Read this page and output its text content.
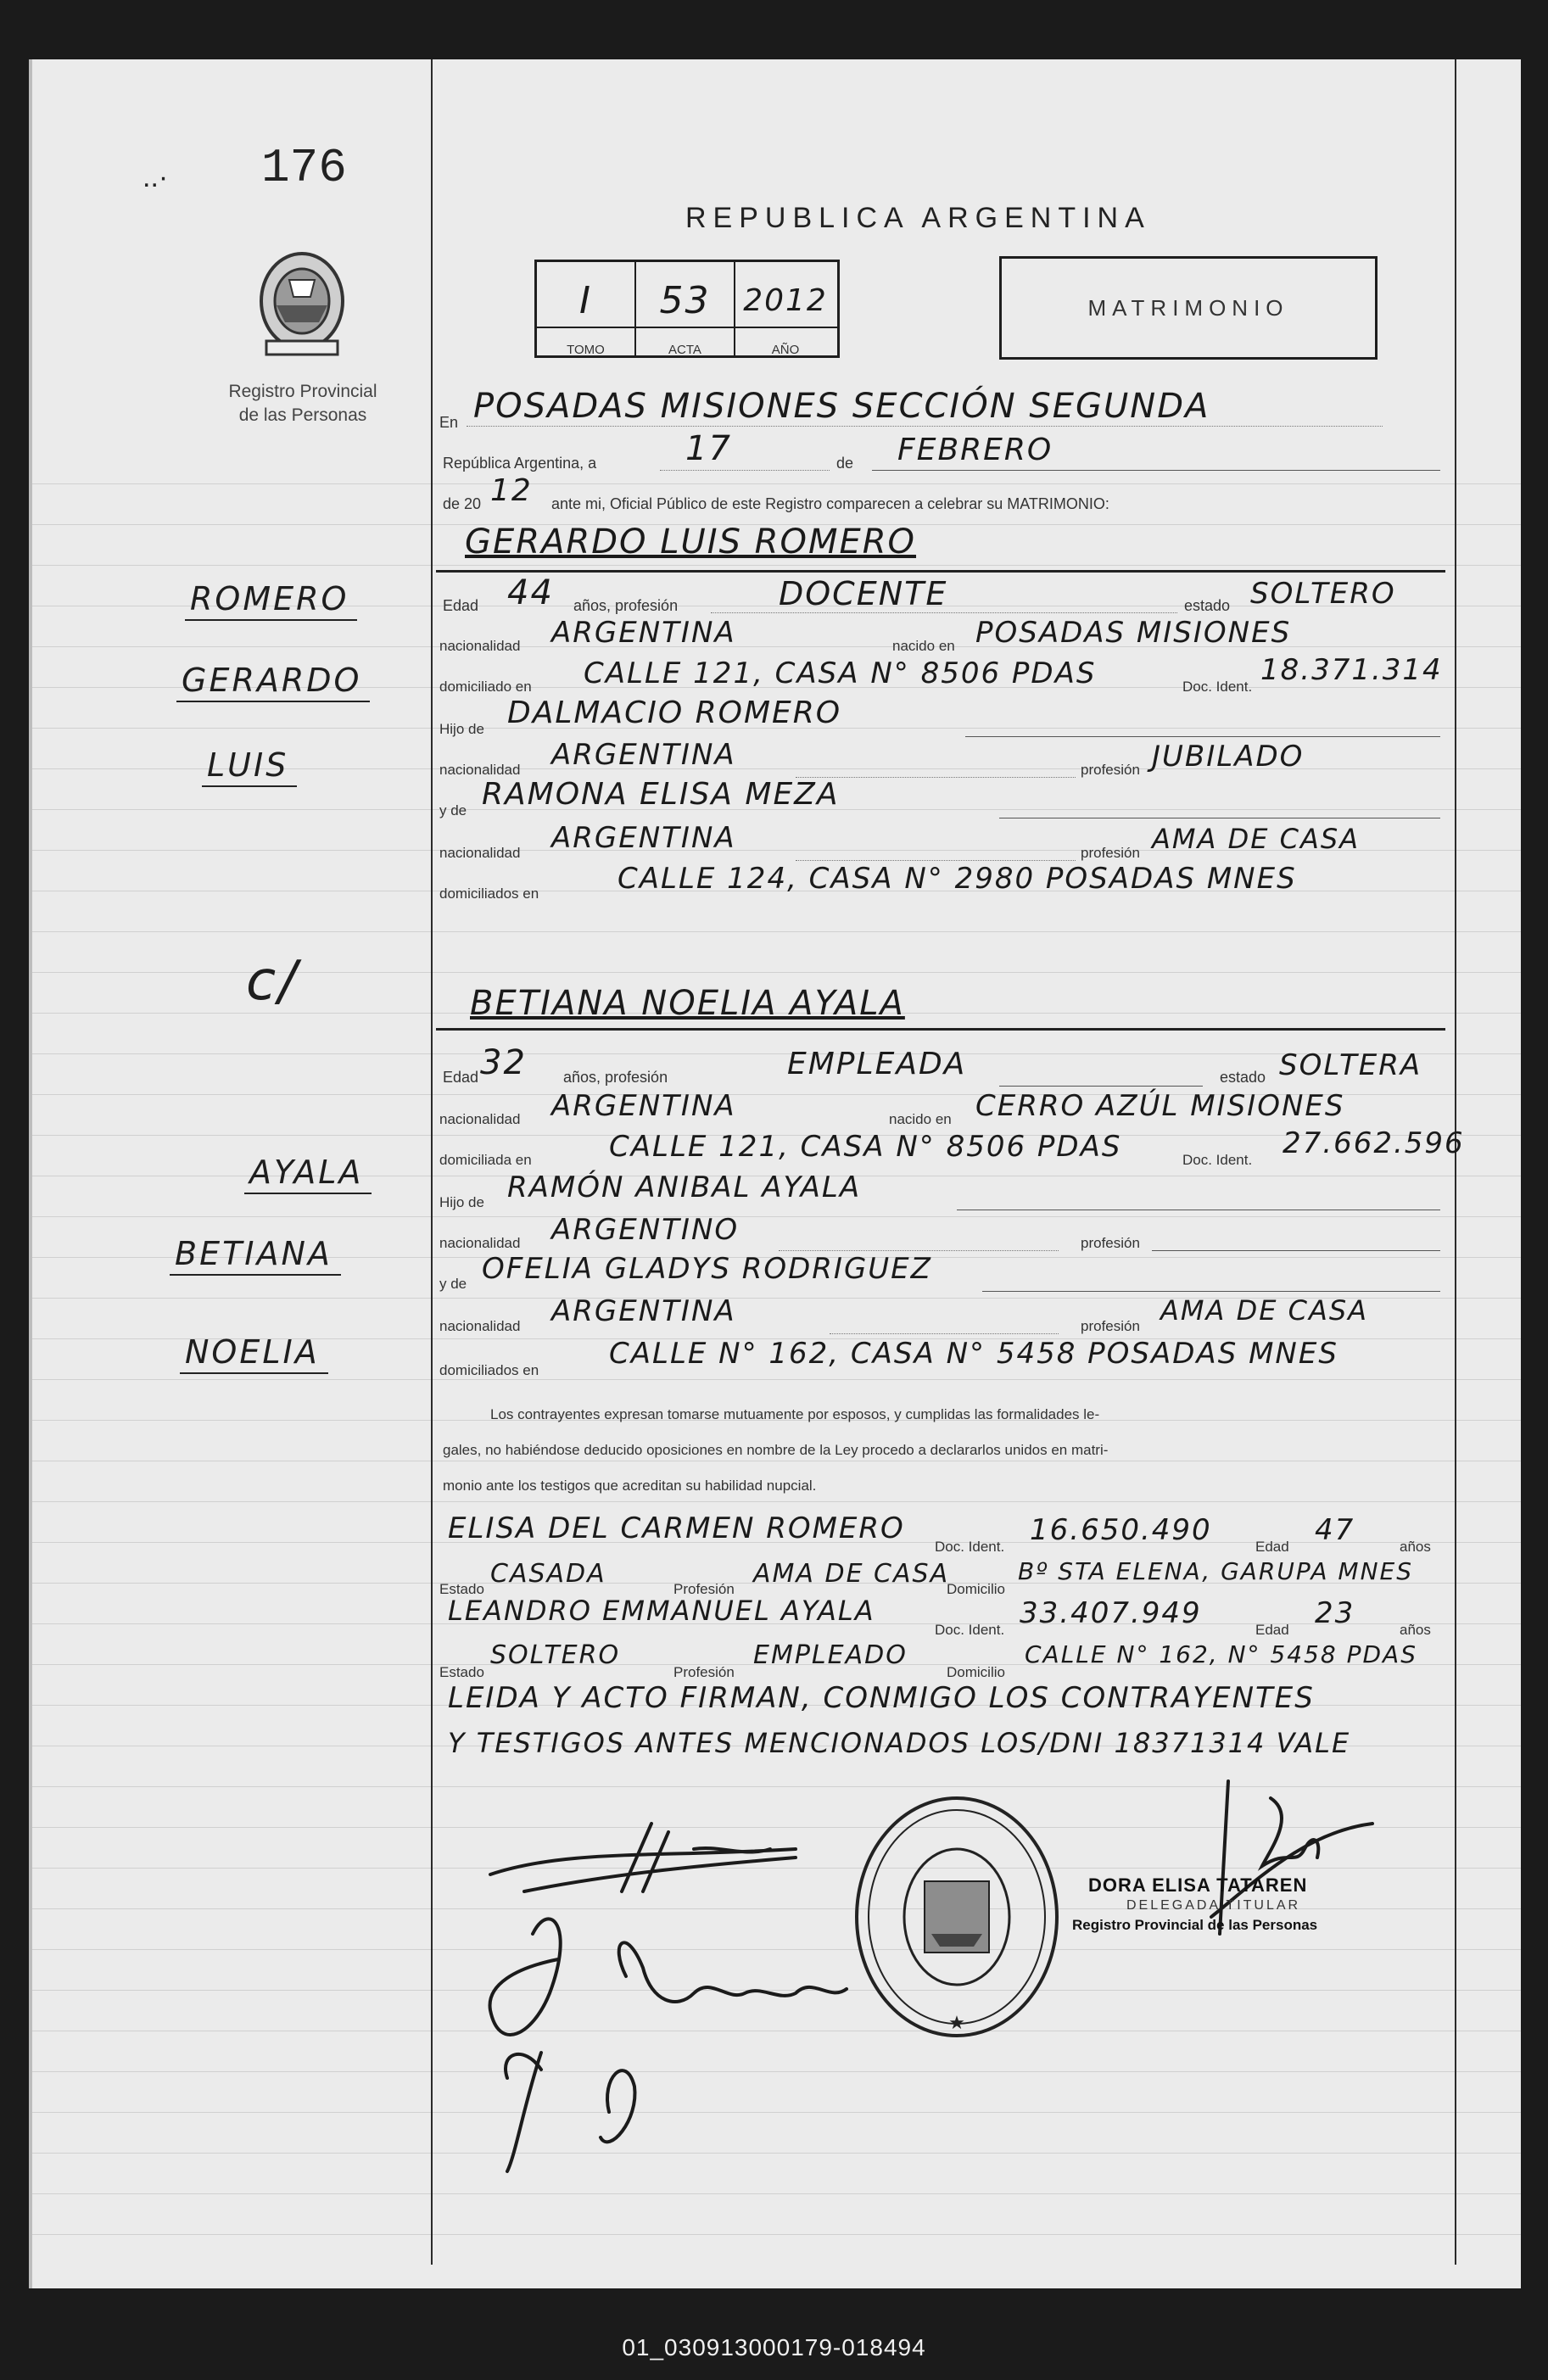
..· 176
Registro Provincial
de las Personas
REPUBLICA ARGENTINA
I 53 2012
TOMO	ACTA	AÑO
MATRIMONIO
ROMERO
GERARDO
LUIS
c/
AYALA
BETIANA
NOELIA
En POSADAS MISIONES SECCIÓN SEGUNDA
República Argentina, a	17	de FEBRERO
de 20 12 ante mi, Oficial Público de este Registro comparecen a celebrar su MATRIMONIO:
GERARDO LUIS ROMERO
Edad 44 años, profesión	DOCENTE	estado SOLTERO
nacionalidad ARGENTINA	nacido en POSADAS MISIONES
domiciliado en CALLE 121, CASA N° 8506 PDAS	Doc. Ident. 18.371.314
Hijo de DALMACIO ROMERO
nacionalidad ARGENTINA	profesión JUBILADO
y de RAMONA ELISA MEZA
nacionalidad ARGENTINA	profesión AMA DE CASA
domiciliados en	CALLE 124, CASA N° 2980 POSADAS MNES
BETIANA NOELIA AYALA
Edad 32 años, profesión	EMPLEADA	estado SOLTERA
nacionalidad ARGENTINA	nacido en CERRO AZÚL MISIONES
domiciliada en	CALLE 121, CASA N° 8506 PDAS	Doc. Ident. 27.662.596
Hijo de RAMÓN ANIBAL AYALA
nacionalidad ARGENTINO	profesión
y de OFELIA GLADYS RODRIGUEZ
nacionalidad ARGENTINA	profesión AMA DE CASA
domiciliados en CALLE N° 162, CASA N° 5458 POSADAS MNES
Los contrayentes expresan tomarse mutuamente por esposos, y cumplidas las formalidades le-
gales, no habiéndose deducido oposiciones en nombre de la Ley procedo a declararlos unidos en matri-
monio ante los testigos que acreditan su habilidad nupcial.
ELISA DEL CARMEN ROMERO
Doc. Ident. 16.650.490	Edad 47	años
Estado
CASADA
Profesión
AMA DE CASA
Domicilio
Bº STA ELENA, GARUPA MNES
LEANDRO EMMANUEL AYALA
Doc. Ident. 33.407.949	Edad 23	años
Estado
SOLTERO
Profesión
EMPLEADO
Domicilio
CALLE N° 162, N° 5458 PDAS
LEIDA Y ACTO FIRMAN, CONMIGO LOS CONTRAYENTES
Y TESTIGOS ANTES MENCIONADOS LOS/DNI 18371314 VALE
★
DORA ELISA TATAREN
DELEGADA TITULAR
Registro Provincial de las Personas
01_030913000179-018494
